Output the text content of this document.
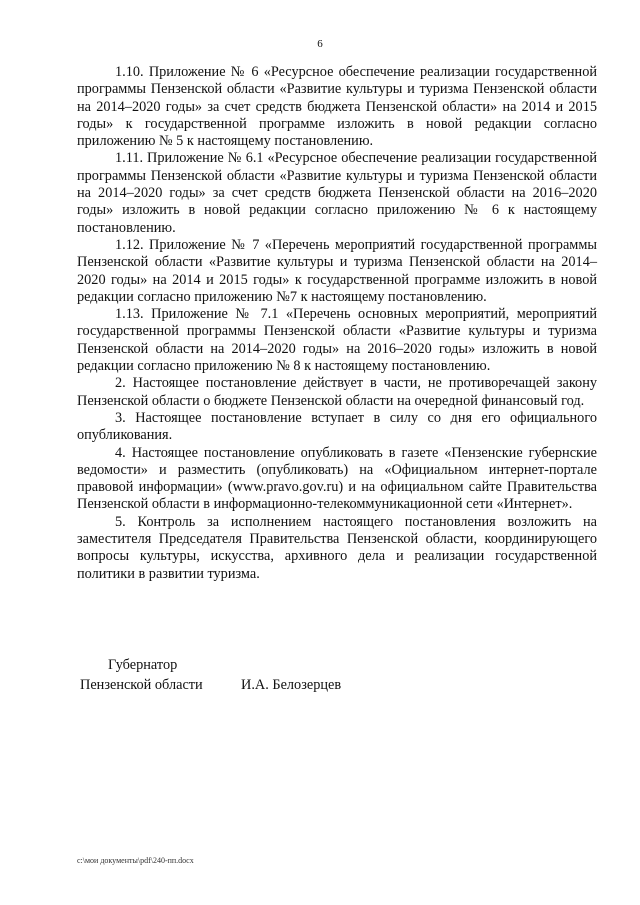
6

1.10. Приложение № 6 «Ресурсное обеспечение реализации государственной программы Пензенской области «Развитие культуры и туризма Пензенской области на 2014–2020 годы» за счет средств бюджета Пензенской области» на 2014 и 2015 годы» к государственной программе изложить в новой редакции согласно приложению № 5 к настоящему постановлению.

1.11. Приложение № 6.1 «Ресурсное обеспечение реализации государственной программы Пензенской области «Развитие культуры и туризма Пензенской области на 2014–2020 годы» за счет средств бюджета Пензенской области на 2016–2020 годы» изложить в новой редакции согласно приложению № 6 к настоящему постановлению.

1.12. Приложение № 7 «Перечень мероприятий государственной программы Пензенской области «Развитие культуры и туризма Пензенской области на 2014–2020 годы» на 2014 и 2015 годы» к государственной программе изложить в новой редакции согласно приложению №7 к настоящему постановлению.

1.13. Приложение № 7.1 «Перечень основных мероприятий, мероприятий государственной программы Пензенской области «Развитие культуры и туризма Пензенской области на 2014–2020 годы» на 2016–2020 годы» изложить в новой редакции согласно приложению № 8 к настоящему постановлению.

2. Настоящее постановление действует в части, не противоречащей закону Пензенской области о бюджете Пензенской области на очередной финансовый год.

3. Настоящее постановление вступает в силу со дня его официального опубликования.

4. Настоящее постановление опубликовать в газете «Пензенские губернские ведомости» и разместить (опубликовать) на «Официальном интернет-портале правовой информации» (www.pravo.gov.ru) и на официальном сайте Правительства Пензенской области в информационно-телекоммуникационной сети «Интернет».

5. Контроль за исполнением настоящего постановления возложить на заместителя Председателя Правительства Пензенской области, координирующего вопросы культуры, искусства, архивного дела и реализации государственной политики в развитии туризма.

Губернатор
Пензенской области	И.А. Белозерцев
c:\мои документы\pdf\240-пп.docx
